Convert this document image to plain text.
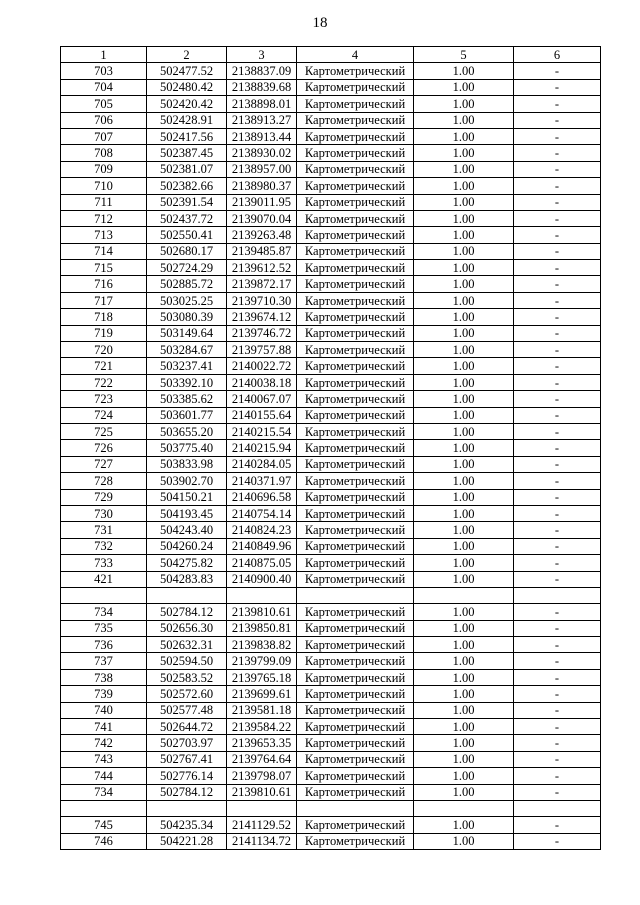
18
1	2	3	4	5	6
703	502477.52	2138837.09	Картометрический	1.00	-
704	502480.42	2138839.68	Картометрический	1.00	-
705	502420.42	2138898.01	Картометрический	1.00	-
706	502428.91	2138913.27	Картометрический	1.00	-
707	502417.56	2138913.44	Картометрический	1.00	-
708	502387.45	2138930.02	Картометрический	1.00	-
709	502381.07	2138957.00	Картометрический	1.00	-
710	502382.66	2138980.37	Картометрический	1.00	-
711	502391.54	2139011.95	Картометрический	1.00	-
712	502437.72	2139070.04	Картометрический	1.00	-
713	502550.41	2139263.48	Картометрический	1.00	-
714	502680.17	2139485.87	Картометрический	1.00	-
715	502724.29	2139612.52	Картометрический	1.00	-
716	502885.72	2139872.17	Картометрический	1.00	-
717	503025.25	2139710.30	Картометрический	1.00	-
718	503080.39	2139674.12	Картометрический	1.00	-
719	503149.64	2139746.72	Картометрический	1.00	-
720	503284.67	2139757.88	Картометрический	1.00	-
721	503237.41	2140022.72	Картометрический	1.00	-
722	503392.10	2140038.18	Картометрический	1.00	-
723	503385.62	2140067.07	Картометрический	1.00	-
724	503601.77	2140155.64	Картометрический	1.00	-
725	503655.20	2140215.54	Картометрический	1.00	-
726	503775.40	2140215.94	Картометрический	1.00	-
727	503833.98	2140284.05	Картометрический	1.00	-
728	503902.70	2140371.97	Картометрический	1.00	-
729	504150.21	2140696.58	Картометрический	1.00	-
730	504193.45	2140754.14	Картометрический	1.00	-
731	504243.40	2140824.23	Картометрический	1.00	-
732	504260.24	2140849.96	Картометрический	1.00	-
733	504275.82	2140875.05	Картометрический	1.00	-
421	504283.83	2140900.40	Картометрический	1.00	-

734	502784.12	2139810.61	Картометрический	1.00	-
735	502656.30	2139850.81	Картометрический	1.00	-
736	502632.31	2139838.82	Картометрический	1.00	-
737	502594.50	2139799.09	Картометрический	1.00	-
738	502583.52	2139765.18	Картометрический	1.00	-
739	502572.60	2139699.61	Картометрический	1.00	-
740	502577.48	2139581.18	Картометрический	1.00	-
741	502644.72	2139584.22	Картометрический	1.00	-
742	502703.97	2139653.35	Картометрический	1.00	-
743	502767.41	2139764.64	Картометрический	1.00	-
744	502776.14	2139798.07	Картометрический	1.00	-
734	502784.12	2139810.61	Картометрический	1.00	-

745	504235.34	2141129.52	Картометрический	1.00	-
746	504221.28	2141134.72	Картометрический	1.00	-
